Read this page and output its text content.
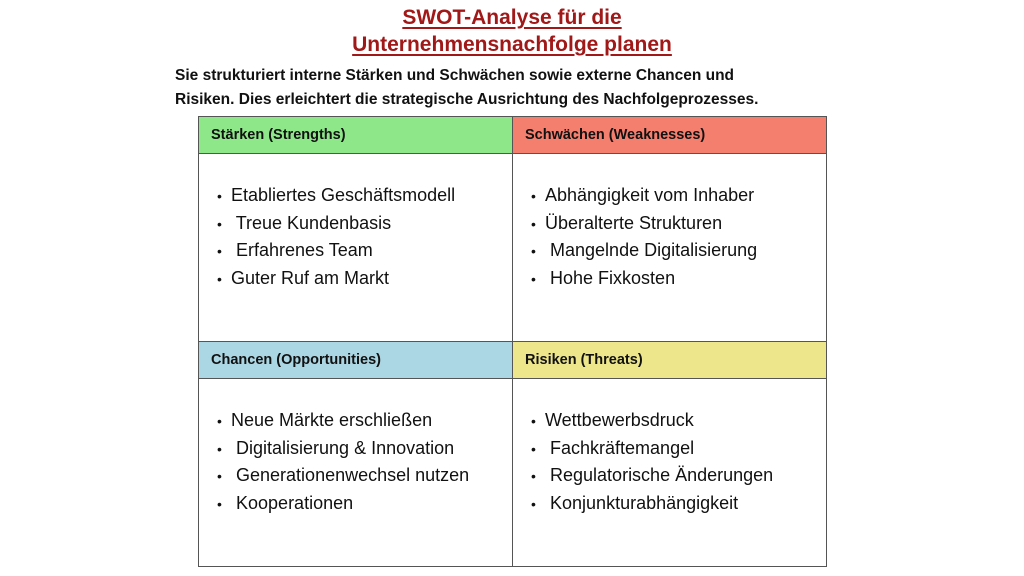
SWOT-Analyse für die
Unternehmensnachfolge planen
Sie strukturiert interne Stärken und Schwächen sowie externe Chancen und
Risiken. Dies erleichtert die strategische Ausrichtung des Nachfolgeprozesses.
Stärken (Strengths)
• Etabliertes Geschäftsmodell
• Treue Kundenbasis
• Erfahrenes Team
• Guter Ruf am Markt
Schwächen (Weaknesses)
• Abhängigkeit vom Inhaber
• Überalterte Strukturen
• Mangelnde Digitalisierung
• Hohe Fixkosten
Chancen (Opportunities)
• Neue Märkte erschließen
• Digitalisierung & Innovation
• Generationenwechsel nutzen
• Kooperationen
Risiken (Threats)
• Wettbewerbsdruck
• Fachkräftemangel
• Regulatorische Änderungen
• Konjunkturabhängigkeit
